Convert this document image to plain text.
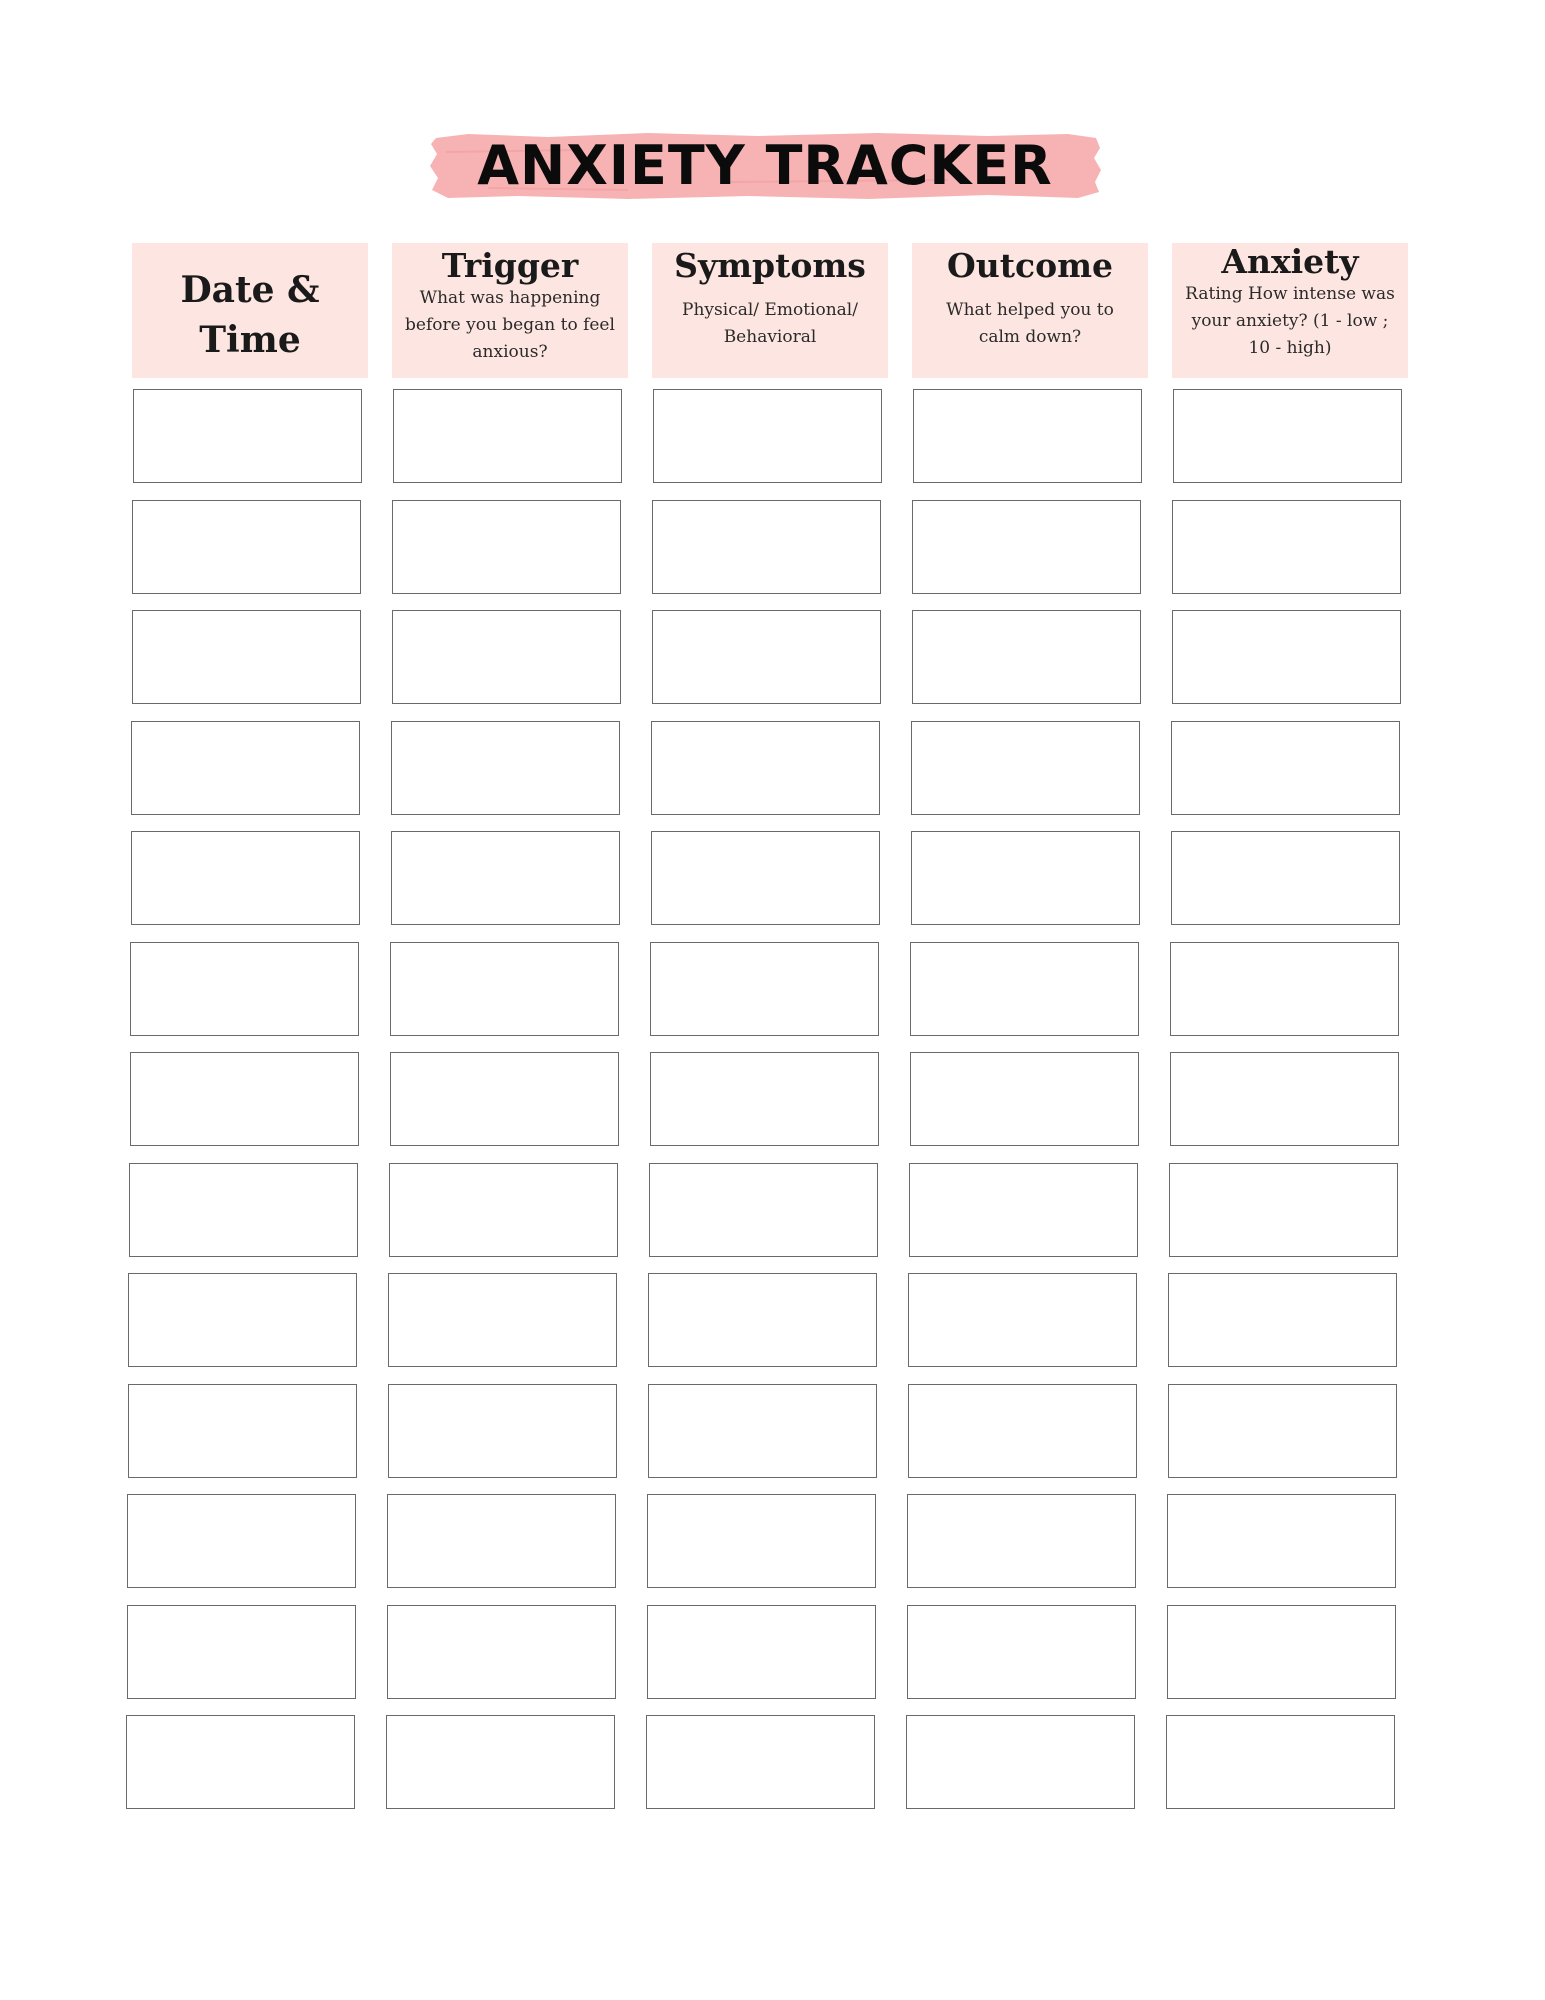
ANXIETY TRACKER
Date & Time
Trigger
What was happening before you began to feel anxious?
Symptoms
Physical/ Emotional/ Behavioral
Outcome
What helped you to calm down?
Anxiety
Rating How intense was your anxiety? (1 - low ; 10 - high)
